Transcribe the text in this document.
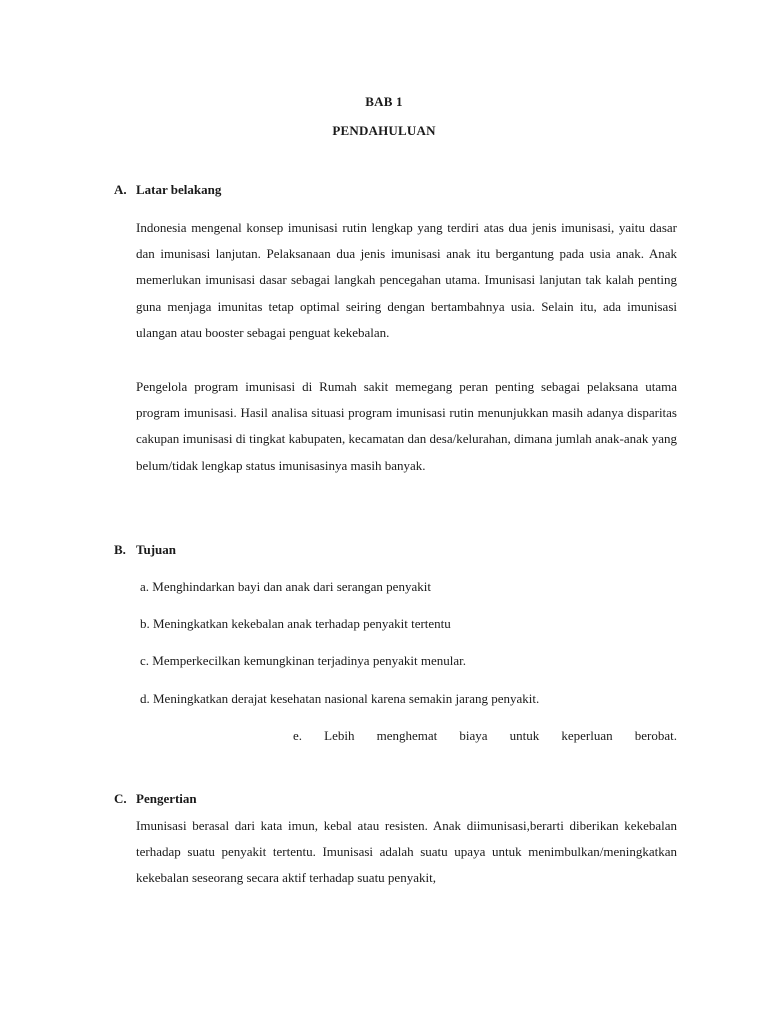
BAB 1
PENDAHULUAN
A. Latar belakang
Indonesia mengenal konsep imunisasi rutin lengkap yang terdiri atas dua jenis imunisasi, yaitu dasar dan imunisasi lanjutan. Pelaksanaan dua jenis imunisasi anak itu bergantung pada usia anak. Anak memerlukan imunisasi dasar sebagai langkah pencegahan utama. Imunisasi lanjutan tak kalah penting guna menjaga imunitas tetap optimal seiring dengan bertambahnya usia. Selain itu, ada imunisasi ulangan atau booster sebagai penguat kekebalan.
Pengelola program imunisasi di Rumah sakit memegang peran penting sebagai pelaksana utama program imunisasi. Hasil analisa situasi program imunisasi rutin menunjukkan masih adanya disparitas cakupan imunisasi di tingkat kabupaten, kecamatan dan desa/kelurahan, dimana jumlah anak-anak yang belum/tidak lengkap status imunisasinya masih banyak.
B. Tujuan
a. Menghindarkan bayi dan anak dari serangan penyakit
b. Meningkatkan kekebalan anak terhadap penyakit tertentu
c. Memperkecilkan kemungkinan terjadinya penyakit menular.
d. Meningkatkan derajat kesehatan nasional karena semakin jarang penyakit.
e. Lebih menghemat biaya untuk keperluan berobat.
C. Pengertian
Imunisasi berasal dari kata imun, kebal atau resisten. Anak diimunisasi,berarti diberikan kekebalan terhadap suatu penyakit tertentu. Imunisasi adalah suatu upaya untuk menimbulkan/meningkatkan kekebalan seseorang secara aktif terhadap suatu penyakit,
